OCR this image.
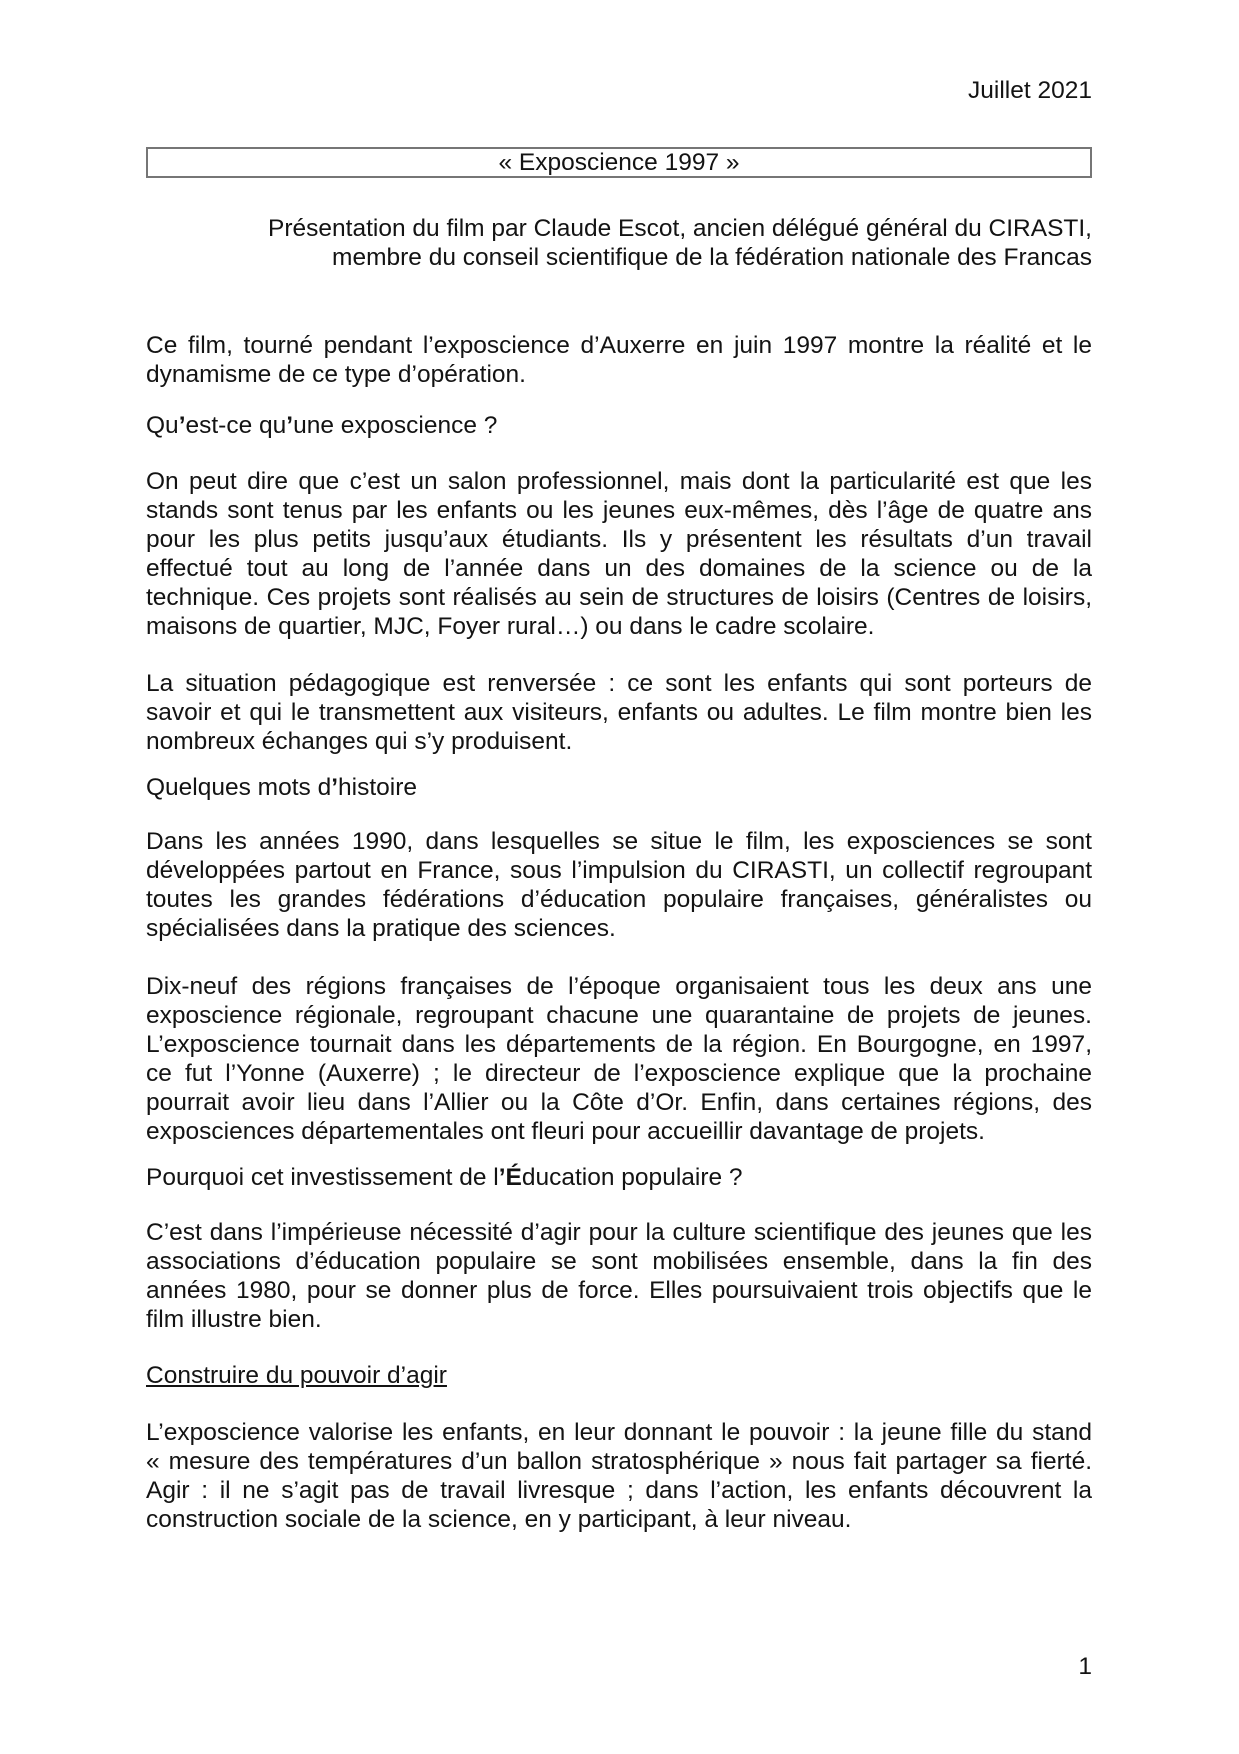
Juillet 2021
« Exposcience 1997 »
Présentation du film par Claude Escot, ancien délégué général du CIRASTI,
membre du conseil scientifique de la fédération nationale des Francas
Ce film, tourné pendant l’exposcience d’Auxerre en juin 1997 montre la réalité et le
dynamisme de ce type d’opération.
Qu’est-ce qu’une exposcience ?
On peut dire que c’est un salon professionnel, mais dont la particularité est que les
stands sont tenus par les enfants ou les jeunes eux-mêmes, dès l’âge de quatre ans
pour les plus petits jusqu’aux étudiants. Ils y présentent les résultats d’un travail
effectué tout au long de l’année dans un des domaines de la science ou de la
technique. Ces projets sont réalisés au sein de structures de loisirs (Centres de loisirs,
maisons de quartier, MJC, Foyer rural…) ou dans le cadre scolaire.
La situation pédagogique est renversée : ce sont les enfants qui sont porteurs de
savoir et qui le transmettent aux visiteurs, enfants ou adultes. Le film montre bien les
nombreux échanges qui s’y produisent.
Quelques mots d’histoire
Dans les années 1990, dans lesquelles se situe le film, les exposciences se sont
développées partout en France, sous l’impulsion du CIRASTI, un collectif regroupant
toutes les grandes fédérations d’éducation populaire françaises, généralistes ou
spécialisées dans la pratique des sciences.
Dix-neuf des régions françaises de l’époque organisaient tous les deux ans une
exposcience régionale, regroupant chacune une quarantaine de projets de jeunes.
L’exposcience tournait dans les départements de la région. En Bourgogne, en 1997,
ce fut l’Yonne (Auxerre) ; le directeur de l’exposcience explique que la prochaine
pourrait avoir lieu dans l’Allier ou la Côte d’Or. Enfin, dans certaines régions, des
exposciences départementales ont fleuri pour accueillir davantage de projets.
Pourquoi cet investissement de l’Éducation populaire ?
C’est dans l’impérieuse nécessité d’agir pour la culture scientifique des jeunes que les
associations d’éducation populaire se sont mobilisées ensemble, dans la fin des
années 1980, pour se donner plus de force. Elles poursuivaient trois objectifs que le
film illustre bien.
Construire du pouvoir d’agir
L’exposcience valorise les enfants, en leur donnant le pouvoir : la jeune fille du stand
« mesure des températures d’un ballon stratosphérique » nous fait partager sa fierté.
Agir : il ne s’agit pas de travail livresque ; dans l’action, les enfants découvrent la
construction sociale de la science, en y participant, à leur niveau.
1
